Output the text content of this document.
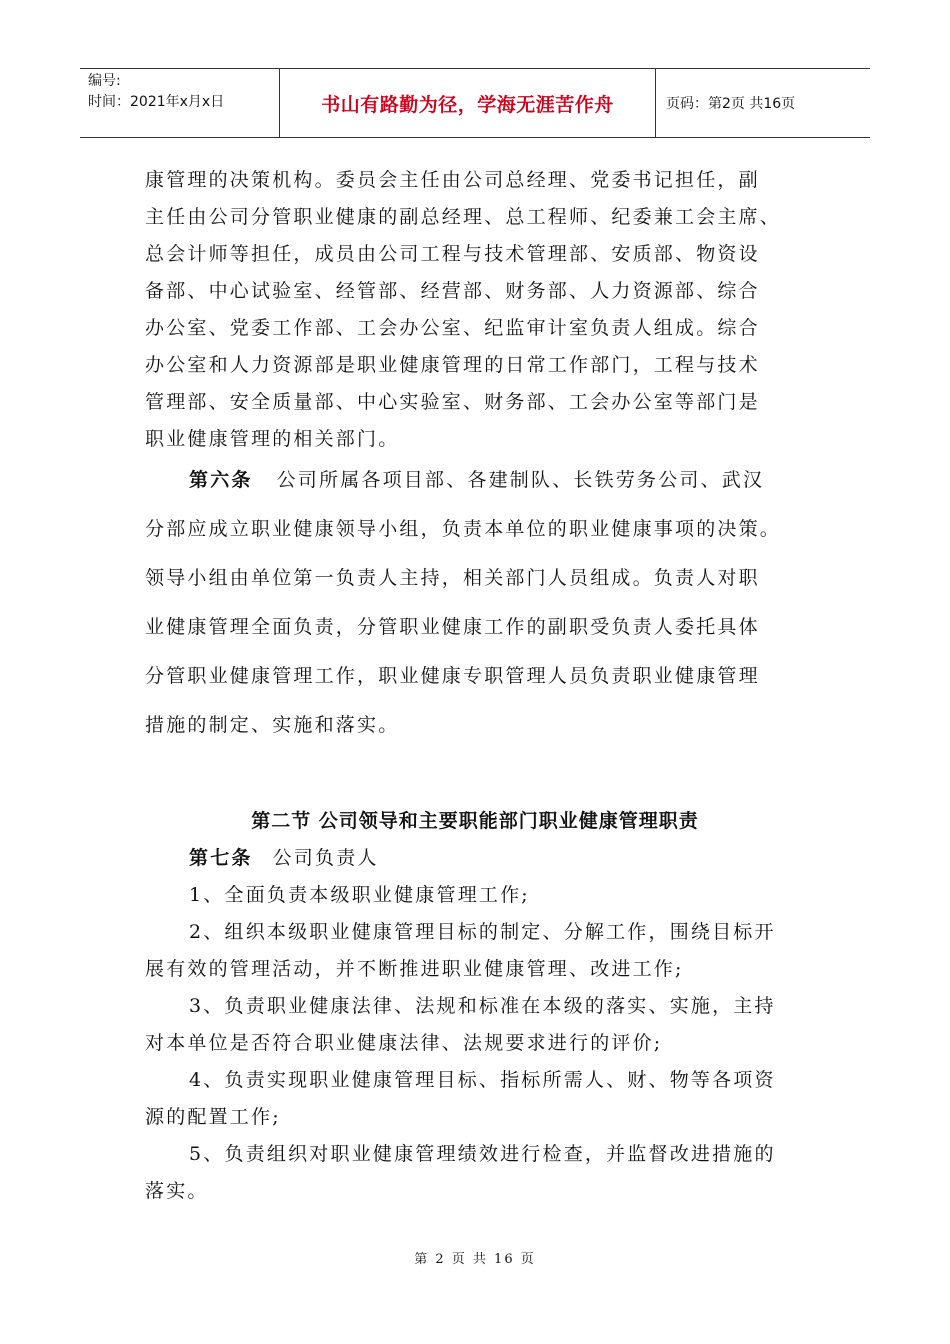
编号:
时间：2021年x月x日	书山有路勤为径，学海无涯苦作舟	页码：第2页 共16页
康管理的决策机构。委员会主任由公司总经理、党委书记担任，副
主任由公司分管职业健康的副总经理、总工程师、纪委兼工会主席、
总会计师等担任，成员由公司工程与技术管理部、安质部、物资设
备部、中心试验室、经管部、经营部、财务部、人力资源部、综合
办公室、党委工作部、工会办公室、纪监审计室负责人组成。综合
办公室和人力资源部是职业健康管理的日常工作部门，工程与技术
管理部、安全质量部、中心实验室、财务部、工会办公室等部门是
职业健康管理的相关部门。
第六条 公司所属各项目部、各建制队、长铁劳务公司、武汉
分部应成立职业健康领导小组，负责本单位的职业健康事项的决策。
领导小组由单位第一负责人主持，相关部门人员组成。负责人对职
业健康管理全面负责，分管职业健康工作的副职受负责人委托具体
分管职业健康管理工作，职业健康专职管理人员负责职业健康管理
措施的制定、实施和落实。
第二节 公司领导和主要职能部门职业健康管理职责
第七条 公司负责人
1、全面负责本级职业健康管理工作;
2、组织本级职业健康管理目标的制定、分解工作，围绕目标开
展有效的管理活动，并不断推进职业健康管理、改进工作;
3、负责职业健康法律、法规和标准在本级的落实、实施，主持
对本单位是否符合职业健康法律、法规要求进行的评价;
4、负责实现职业健康管理目标、指标所需人、财、物等各项资
源的配置工作;
5、负责组织对职业健康管理绩效进行检查，并监督改进措施的
落实。
第 2 页 共 16 页
